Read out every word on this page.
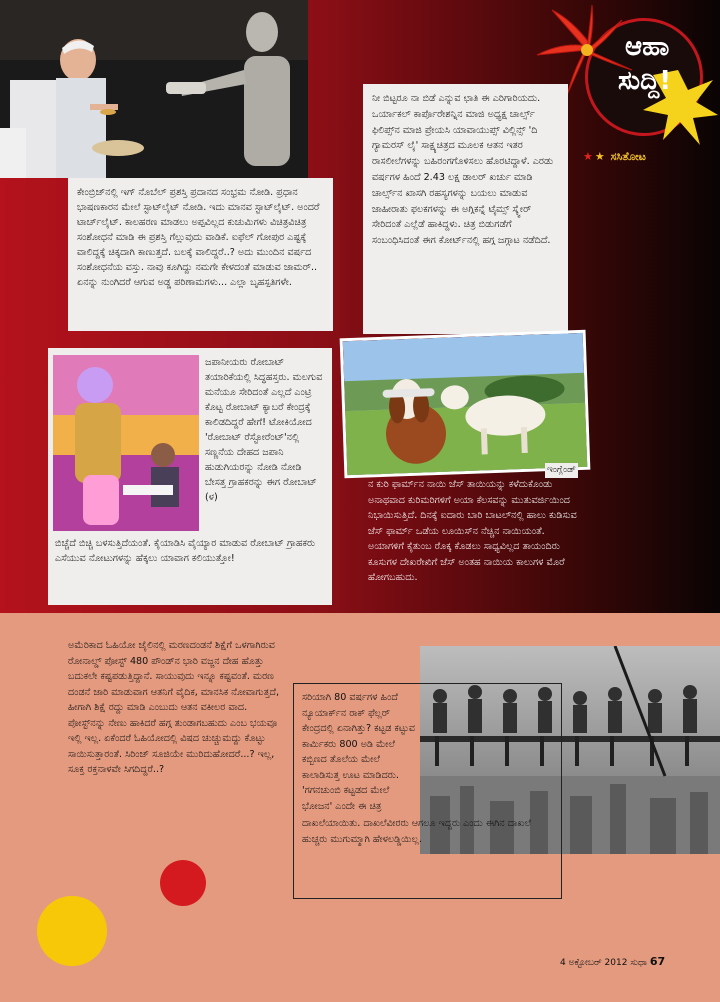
ಕೇಂಬ್ರಿಜ್‌ನಲ್ಲಿ ಇಗ್ ನೊಬೆಲ್ ಪ್ರಶಸ್ತಿ ಪ್ರದಾನದ ಸಂಭ್ರಮ ನೋಡಿ. ಪ್ರಧಾನ ಭಾಷಣಕಾರನ ಮೇಲೆ ಸ್ಟಾಟ್‌ಲೈಟ್ ನೋಡಿ. ಇದು ಮಾನವ ಸ್ಟಾಟ್‌ಲೈಟ್. ಅಂದರೆ ಟಾರ್ಚ್‌ಲೈಟ್. ಕಾಲಹರಣ ಮಾಡಲು ಅಪ್ಪವಿಲ್ಲದ ಕುಚುಮಿಗಳು ವಿಚಿತ್ರವಿಚಿತ್ರ ಸಂಶೋಧನೆ ಮಾಡಿ ಈ ಪ್ರಶಸ್ತಿ ಗೆಲ್ಲುವುದು ವಾಡಿಕೆ. ಐಫೆಲ್ ಗೋಪುರ ಎಷ್ಟಕ್ಕೆ ವಾಲಿದ್ದಕ್ಕೆ ಚಿಕ್ಕದಾಗಿ ಕಾಣುತ್ತದೆ. ಬಲಕ್ಕೆ ವಾಲಿದ್ದರೆ..? ಅದು ಮುಂದಿನ ವರ್ಷದ ಸಂಶೋಧನೆಯ ವಸ್ತು. ನಾವು ಕೂಗಿದ್ದು ನಮಗೇ ಕೇಳದಂತೆ ಮಾಡುವ ಜಾಮರ್.. ಏನನ್ನು ನುಂಗಿದರೆ ಆಗುವ ಅಡ್ಡ ಪರಿಣಾಮಗಳು... ಎಲ್ಲಾ ಬೃಹಸ್ಪತಿಗಳೇ.

ಆಹಾ
ಸುದ್ದಿ!
★ ★ ಸಸಿತೋಟ

ನೀ ಬಿಟ್ಟರೂ ನಾ ಬಿಡೆ ಎನ್ನುವ ಛಾತಿ ಈ ಎರಿಗಾರಿಯದು. ಒರ್ಯಾಕಲ್ ಕಾರ್ಪೊರೇಶನ್ನಿನ ಮಾಜಿ ಅಧ್ಯಕ್ಷ ಚಾರ್ಲ್ಸ್ ಫಿಲಿಪ್ಸ್‌ನ ಮಾಜಿ ಪ್ರೇಯಸಿ ಯಾವಾಯುಪ್ಸ್ ವಿಲ್ಲಿನ್ಸ್ 'ದಿ ಗ್ಯಾಮರಸ್ ಲೈ' ಸಾಕ್ಷ್ಯಚಿತ್ರದ ಮೂಲಕ ಆತನ ಇತರ ರಾಸಲೀಲೆಗಳನ್ನು ಬಹಿರಂಗಗೊಳಿಸಲು ಹೊರಟಿದ್ದಾಳೆ. ಎರಡು ವರ್ಷಗಳ ಹಿಂದೆ 2.43 ಲಕ್ಷ ಡಾಲರ್ ಖರ್ಚು ಮಾಡಿ ಚಾರ್ಲ್ಸ್‌ನ ಖಾಸಗಿ ರಹಸ್ಯಗಳನ್ನು ಬಯಲು ಮಾಡುವ ಜಾಹೀರಾತು ಫಲಕಗಳನ್ನು ಈ ಅಗ್ಗಿಕನ್ನೆ ಟೈಮ್ಸ್ ಸ್ಕ್ವೇರ್ ಸೇರಿದಂತೆ ಎಲ್ಲೆಡೆ ಹಾಕಿದ್ದಳು. ಚಿತ್ರ ಬಿಡುಗಡೆಗೆ ಸಂಬಂಧಿಸಿದಂತೆ ಈಗ ಕೋರ್ಟ್‌ನಲ್ಲಿ ಹಗ್ಗ ಜಗ್ಗಾಟ ನಡೆದಿದೆ.

ಜಪಾನೀಯರು ರೋಬಾಟ್ ತಯಾರಿಕೆಯಲ್ಲಿ ಸಿದ್ಧಹಸ್ತರು. ಮಲಗುವ ಮನೆಯೂ ಸೇರಿದಂತೆ ಎಲ್ಲದೆ ಎಂಟ್ರಿ ಕೊಟ್ಟ ರೋಬಾಟ್ ಕ್ಯಾಬರೆ ಕೇಂದ್ರಕ್ಕೆ ಕಾಲಿಡದಿದ್ದರೆ ಹೇಗೆ! ಟೋಕಿಯೋದ 'ರೋಬಾಟ್ ರೆಸ್ಟೋರೆಂಟ್'ನಲ್ಲಿ ಸಣ್ಣನೆಯ ದೇಹದ ಜಪಾನಿ ಹುಡುಗಿಯರನ್ನು ನೋಡಿ ನೋಡಿ ಬೇಸತ್ತ ಗ್ರಾಹಕರನ್ನು ಈಗ ರೋಬಾಟ್ (ಳ)

ಬಿಚ್ಚೆದೆ ಬಿಚ್ಚಿ ಬಳಸುತ್ತಿದೆಯಂತೆ. ಕೈಯಾಡಿಸಿ ವೈಯ್ಯಾರ ಮಾಡುವ ರೋಬಾಟ್ ಗ್ರಾಹಕರು ಎಸೆಯುವ ನೋಟುಗಳನ್ನು ಹೆಕ್ಕಲು ಯಾವಾಗ ಕಲಿಯುತ್ತೋ!

ಇಂಗ್ಲೆಂಡ್
ನ ಕುರಿ ಫಾರ್ಮ್‌ನ ನಾಯಿ ಜೆಸ್ ತಾಯಿಯನ್ನು ಕಳೆದುಕೊಂಡು ಅನಾಥವಾದ ಕುರಿಮರಿಗಳಿಗೆ ಅಯಾ ಕೆಲಸವನ್ನು ಮುತುವರ್ಜಿಯಿಂದ ನಿಭಾಯಿಸುತ್ತಿದೆ. ದಿನಕ್ಕೆ ಐದಾರು ಬಾರಿ ಬಾಟಲ್‌ನಲ್ಲಿ ಹಾಲು ಕುಡಿಸುವ ಜೆಸ್ ಫಾರ್ಮ್ ಒಡೆಯ ಲೂಯಿಸ್‌ನ ನೆಚ್ಚಿನ ನಾಯಿಯಂತೆ. ಅಯಾಗಳಿಗೆ ಕೈತುಂಬ ರೊಕ್ಕ ಕೊಡಲು ಸಾಧ್ಯವಿಲ್ಲದ ತಾಯಂದಿರು ಕೂಸುಗಳ ದೇಖರೇಖಿಗೆ ಜೆಸ್ ಅಂತಹ ನಾಯಿಯ ಕಾಲುಗಳ ಮೊರೆ ಹೋಗಬಹುದು.
ಅಮೆರಿಕಾದ ಓಹಿಯೋ ಜೈಲಿನಲ್ಲಿ ಮರಣದಂಡನೆ ಶಿಕ್ಷೆಗೆ ಒಳಗಾಗಿರುವ ರೋನಾಲ್ಡ್ ಪೋಸ್ಟ್ 480 ಪೌಂಡ್‌ನ ಭಾರಿ ವಜ್ಜನ ದೇಹ ಹೊತ್ತು ಬದುಕಲೇ ಕಷ್ಟಪಡುತ್ತಿದ್ದಾನೆ. ಸಾಯುವುದು ಇನ್ನೂ ಕಷ್ಟವಂತೆ. ಮರಣ ದಂಡನೆ ಜಾರಿ ಮಾಡುವಾಗ ಆತನಿಗೆ ವೈದಿಕ, ಮಾನಸಿಕ ನೋವಾಗುತ್ತದೆ, ಹೀಗಾಗಿ ಶಿಕ್ಷೆ ರದ್ದು ಮಾಡಿ ಎಂಬುದು ಆತನ ವಕೀಲರ ವಾದ. ಪೋಸ್ಟ್‌ನನ್ನು ನೇಣು ಹಾಕಿದರೆ ಹಗ್ಗ ತುಂಡಾಗಬಹುದು ಎಂಬ ಭಯವೂ ಇಲ್ಲಿ ಇಲ್ಲ. ಏಕೆಂದರೆ ಓಹಿಯೋದಲ್ಲಿ ವಿಷದ ಚುಚ್ಚುಮದ್ದು ಕೊಟ್ಟು ಸಾಯಿಸುತ್ತಾರಂತೆ. ಸಿರಿಂಜ್ ಸೂಜಿಯೇ ಮುರಿದುಹೋದರೆ...? ಇಲ್ಲ, ಸೂಕ್ತ ರಕ್ತನಾಳವೇ ಸಿಗದಿದ್ದರೆ..?

ಸರಿಯಾಗಿ 80 ವರ್ಷಗಳ ಹಿಂದೆ ನ್ಯೂಯಾರ್ಕ್‌ನ ರಾಕ್ ಫೆಲ್ಲರ್ ಕೇಂದ್ರದಲ್ಲಿ ಏನಾಗಿತ್ತು? ಕಟ್ಟಡ ಕಟ್ಟುವ ಕಾರ್ಮಿಕರು 800 ಅಡಿ ಮೇಲೆ ಕಬ್ಬಿಣದ ತೊಲೆಯ ಮೇಲೆ ಕಾಲಾಡಿಸುತ್ತ ಊಟ ಮಾಡಿದರು. 'ಗಗನಚುಂಬಿ ಕಟ್ಟಡದ ಮೇಲೆ ಭೋಜನ' ಎಂದೇ ಈ ಚಿತ್ರ

ದಾಖಲೆಯಾಯಿತು. ದಾಖಲೆವೀರರು ಆಗಲೂ ಇದ್ದರು ಎಂದು ಈಗಿನ ದಾಖಲೆ ಹುಚ್ಚರು ಮುಗುಮ್ಮಾಗಿ ಹೇಳಲಡ್ಡಿಯಿಲ್ಲ.

4 ಅಕ್ಟೋಬರ್ 2012 ಸುಧಾ 67
